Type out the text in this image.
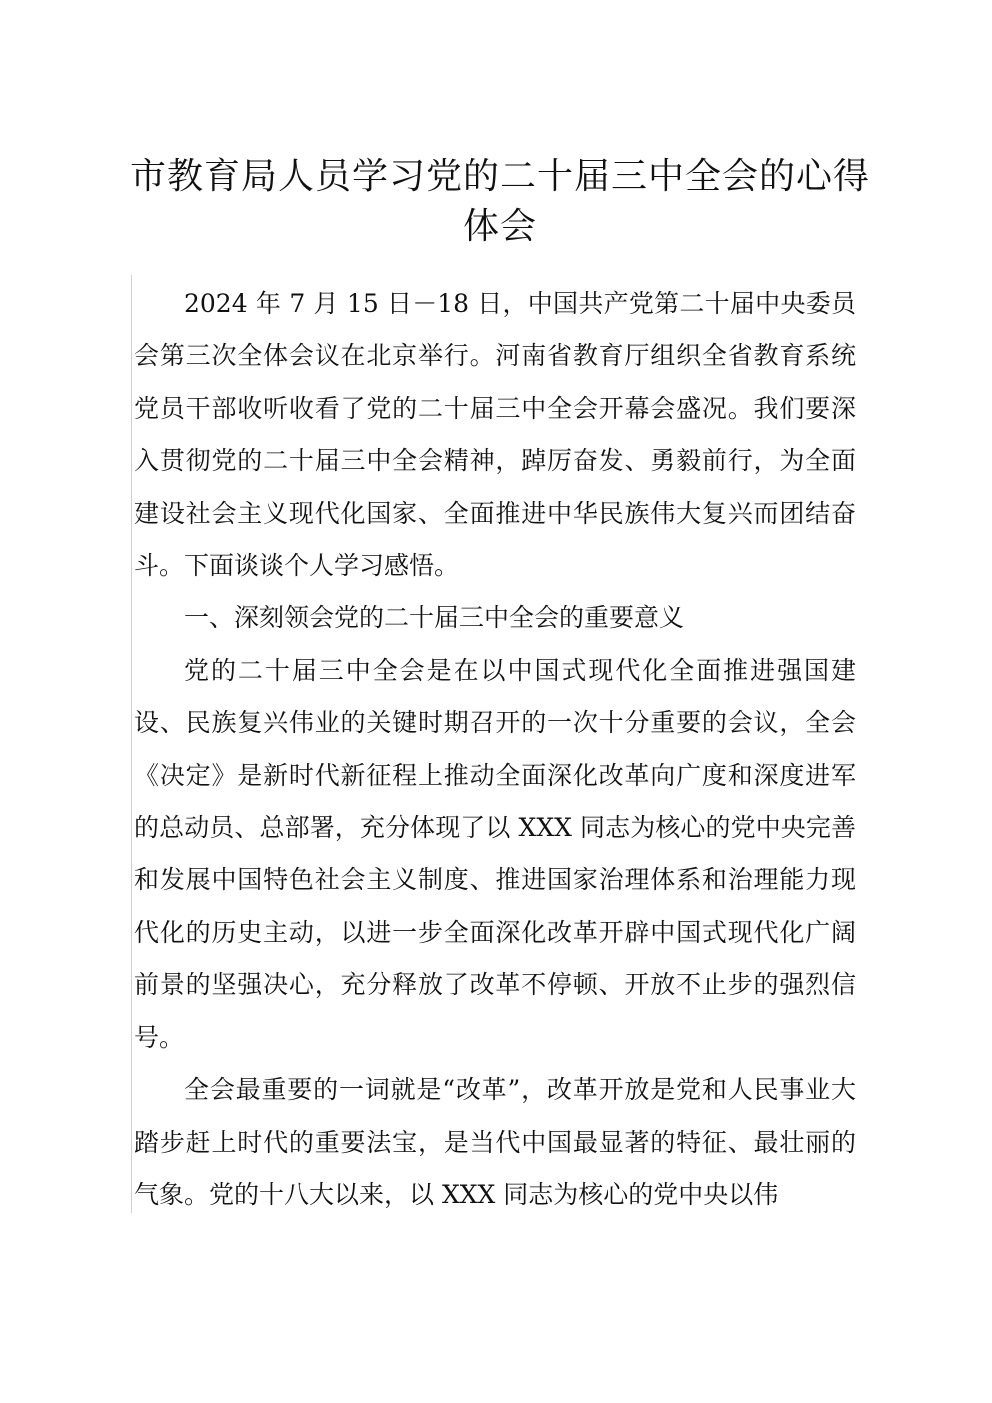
市教育局人员学习党的二十届三中全会的心得体会

2024 年 7 月 15 日－18 日，中国共产党第二十届中央委员会第三次全体会议在北京举行。河南省教育厅组织全省教育系统党员干部收听收看了党的二十届三中全会开幕会盛况。我们要深入贯彻党的二十届三中全会精神，踔厉奋发、勇毅前行，为全面建设社会主义现代化国家、全面推进中华民族伟大复兴而团结奋斗。下面谈谈个人学习感悟。

一、深刻领会党的二十届三中全会的重要意义

党的二十届三中全会是在以中国式现代化全面推进强国建设、民族复兴伟业的关键时期召开的一次十分重要的会议，全会《决定》是新时代新征程上推动全面深化改革向广度和深度进军的总动员、总部署，充分体现了以 XXX 同志为核心的党中央完善和发展中国特色社会主义制度、推进国家治理体系和治理能力现代化的历史主动，以进一步全面深化改革开辟中国式现代化广阔前景的坚强决心，充分释放了改革不停顿、开放不止步的强烈信号。

全会最重要的一词就是“改革”，改革开放是党和人民事业大踏步赶上时代的重要法宝，是当代中国最显著的特征、最壮丽的气象。党的十八大以来，以 XXX 同志为核心的党中央以伟
